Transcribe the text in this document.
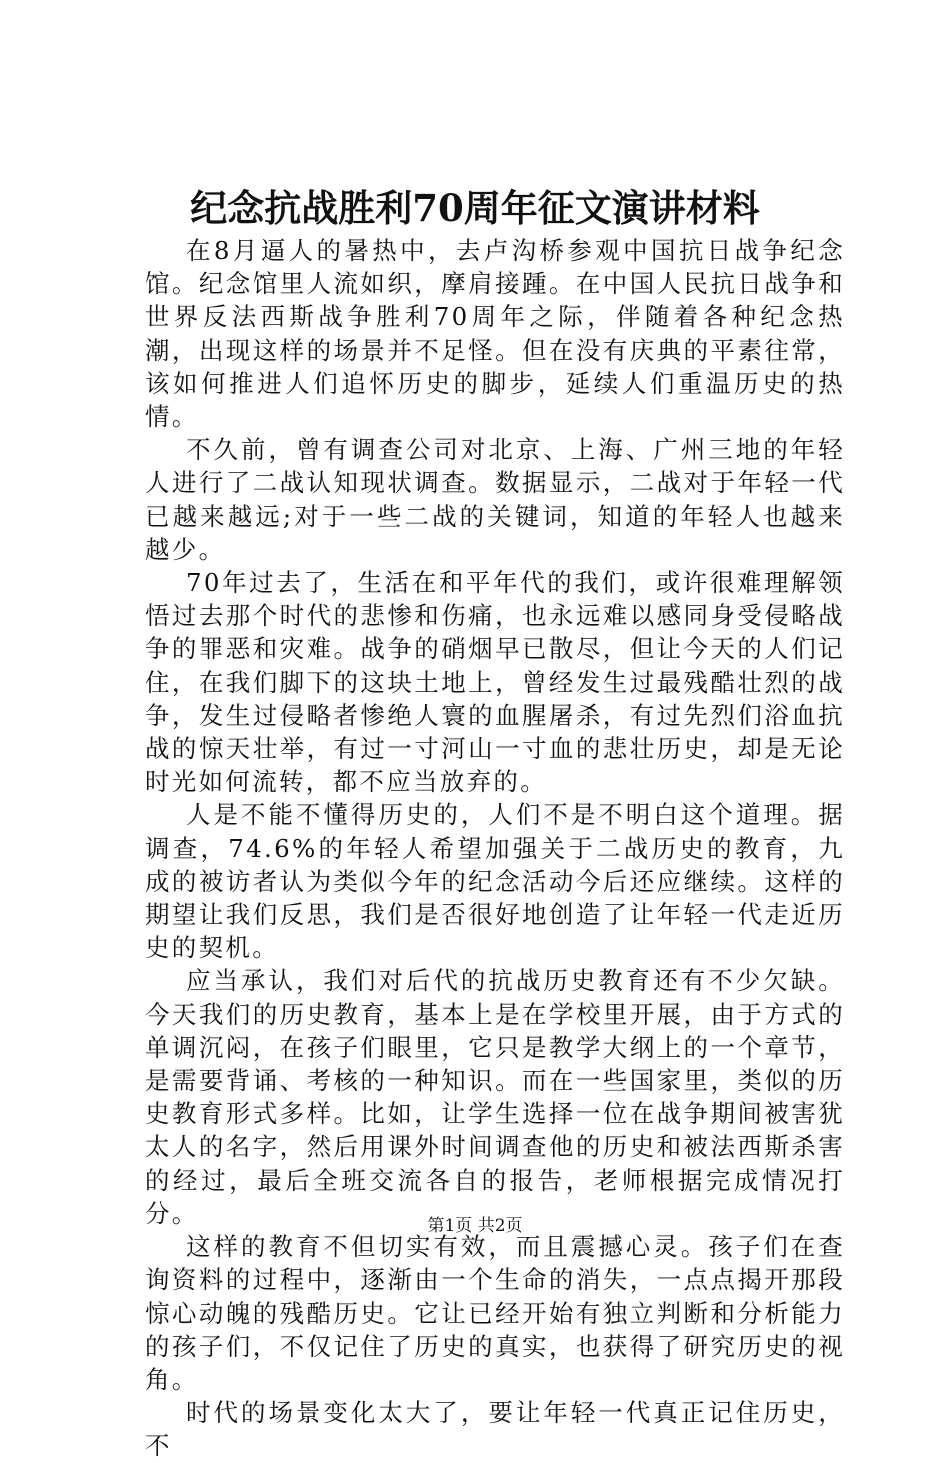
纪念抗战胜利70周年征文演讲材料

在8月逼人的暑热中，去卢沟桥参观中国抗日战争纪念馆。纪念馆里人流如织，摩肩接踵。在中国人民抗日战争和世界反法西斯战争胜利70周年之际，伴随着各种纪念热潮，出现这样的场景并不足怪。但在没有庆典的平素往常，该如何推进人们追怀历史的脚步，延续人们重温历史的热情。

不久前，曾有调查公司对北京、上海、广州三地的年轻人进行了二战认知现状调查。数据显示，二战对于年轻一代已越来越远;对于一些二战的关键词，知道的年轻人也越来越少。

70年过去了，生活在和平年代的我们，或许很难理解领悟过去那个时代的悲惨和伤痛，也永远难以感同身受侵略战争的罪恶和灾难。战争的硝烟早已散尽，但让今天的人们记住，在我们脚下的这块土地上，曾经发生过最残酷壮烈的战争，发生过侵略者惨绝人寰的血腥屠杀，有过先烈们浴血抗战的惊天壮举，有过一寸河山一寸血的悲壮历史，却是无论时光如何流转，都不应当放弃的。

人是不能不懂得历史的，人们不是不明白这个道理。据调查，74.6%的年轻人希望加强关于二战历史的教育，九成的被访者认为类似今年的纪念活动今后还应继续。这样的期望让我们反思，我们是否很好地创造了让年轻一代走近历史的契机。

应当承认，我们对后代的抗战历史教育还有不少欠缺。今天我们的历史教育，基本上是在学校里开展，由于方式的单调沉闷，在孩子们眼里，它只是教学大纲上的一个章节，是需要背诵、考核的一种知识。而在一些国家里，类似的历史教育形式多样。比如，让学生选择一位在战争期间被害犹太人的名字，然后用课外时间调查他的历史和被法西斯杀害的经过，最后全班交流各自的报告，老师根据完成情况打分。

这样的教育不但切实有效，而且震撼心灵。孩子们在查询资料的过程中，逐渐由一个生命的消失，一点点揭开那段惊心动魄的残酷历史。它让已经开始有独立判断和分析能力的孩子们，不仅记住了历史的真实，也获得了研究历史的视角。

时代的场景变化太大了，要让年轻一代真正记住历史，不

第1页 共2页
